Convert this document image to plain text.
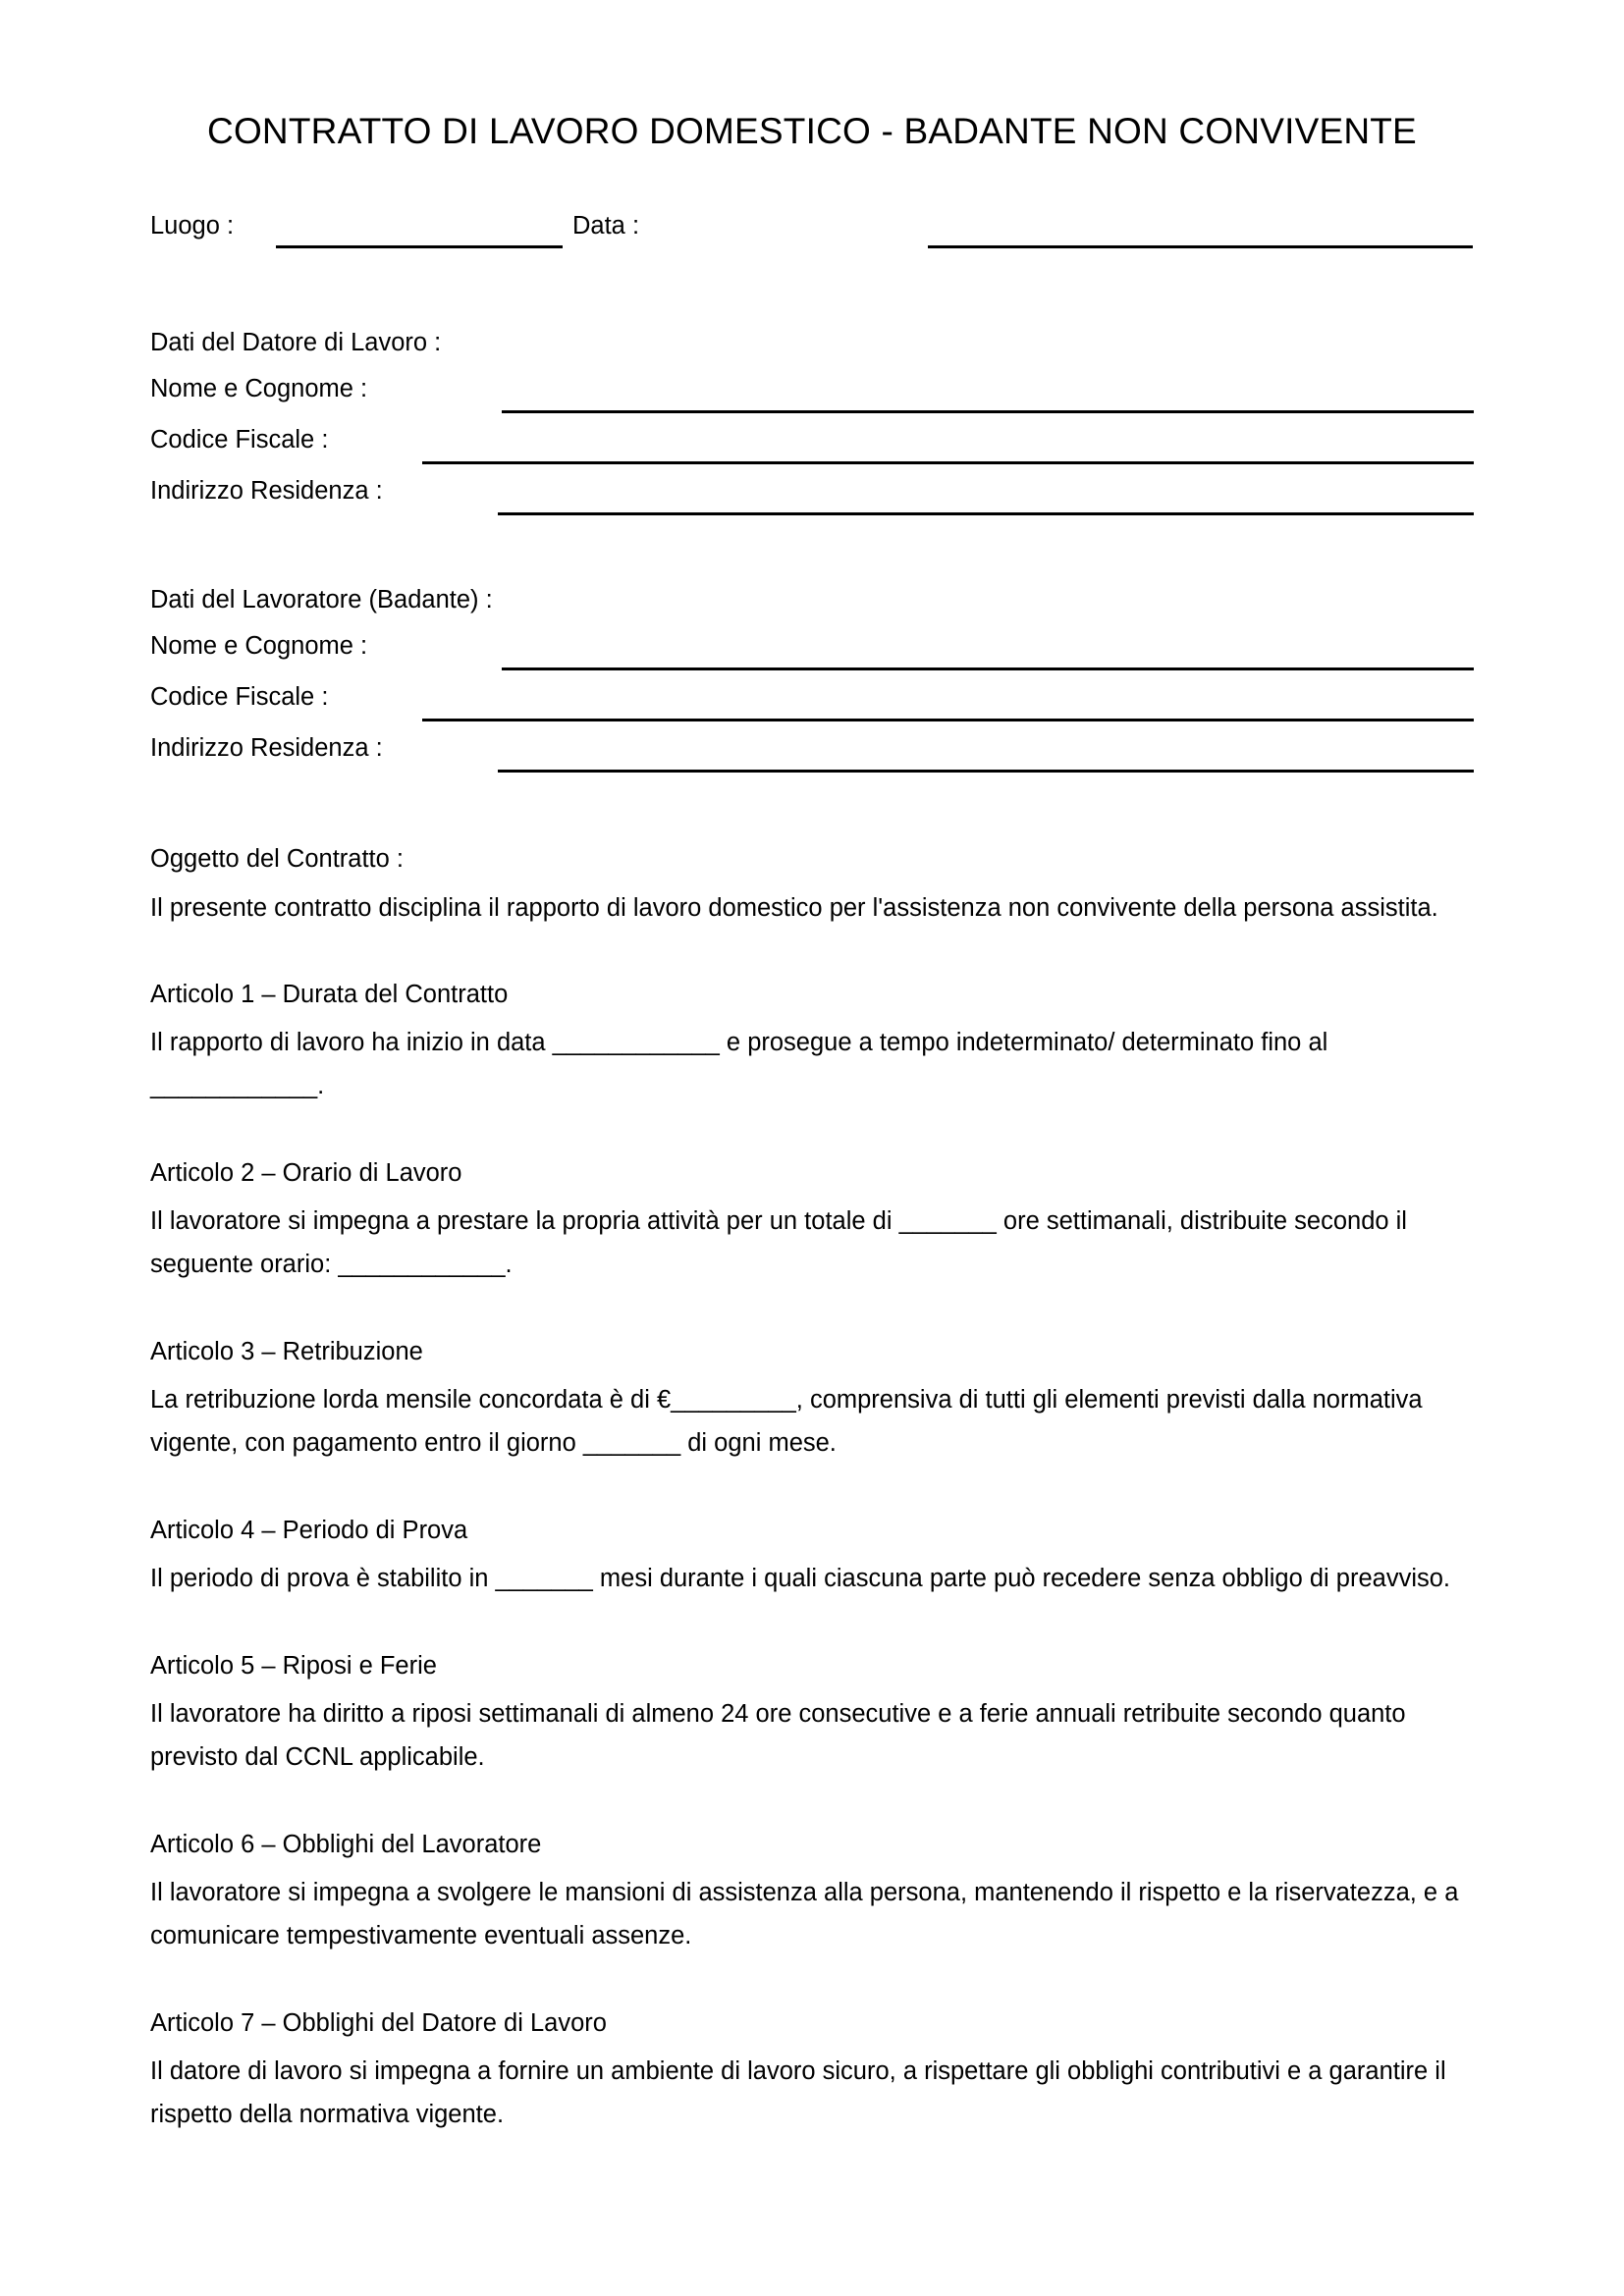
CONTRATTO DI LAVORO DOMESTICO - BADANTE NON CONVIVENTE
Luogo :	Data :

Dati del Datore di Lavoro :

Nome e Cognome :
Codice Fiscale :
Indirizzo Residenza :

Dati del Lavoratore (Badante) :

Nome e Cognome :
Codice Fiscale :
Indirizzo Residenza :

Oggetto del Contratto :

Il presente contratto disciplina il rapporto di lavoro domestico per l'assistenza non convivente della persona assistita.

Articolo 1 – Durata del Contratto

Il rapporto di lavoro ha inizio in data ____________ e prosegue a tempo indeterminato/ determinato fino al ____________.

Articolo 2 – Orario di Lavoro

Il lavoratore si impegna a prestare la propria attività per un totale di _______ ore settimanali, distribuite secondo il seguente orario: ____________.

Articolo 3 – Retribuzione

La retribuzione lorda mensile concordata è di €_________, comprensiva di tutti gli elementi previsti dalla normativa vigente, con pagamento entro il giorno _______ di ogni mese.

Articolo 4 – Periodo di Prova

Il periodo di prova è stabilito in _______ mesi durante i quali ciascuna parte può recedere senza obbligo di preavviso.

Articolo 5 – Riposi e Ferie

Il lavoratore ha diritto a riposi settimanali di almeno 24 ore consecutive e a ferie annuali retribuite secondo quanto previsto dal CCNL applicabile.

Articolo 6 – Obblighi del Lavoratore

Il lavoratore si impegna a svolgere le mansioni di assistenza alla persona, mantenendo il rispetto e la riservatezza, e a comunicare tempestivamente eventuali assenze.

Articolo 7 – Obblighi del Datore di Lavoro

Il datore di lavoro si impegna a fornire un ambiente di lavoro sicuro, a rispettare gli obblighi contributivi e a garantire il rispetto della normativa vigente.
